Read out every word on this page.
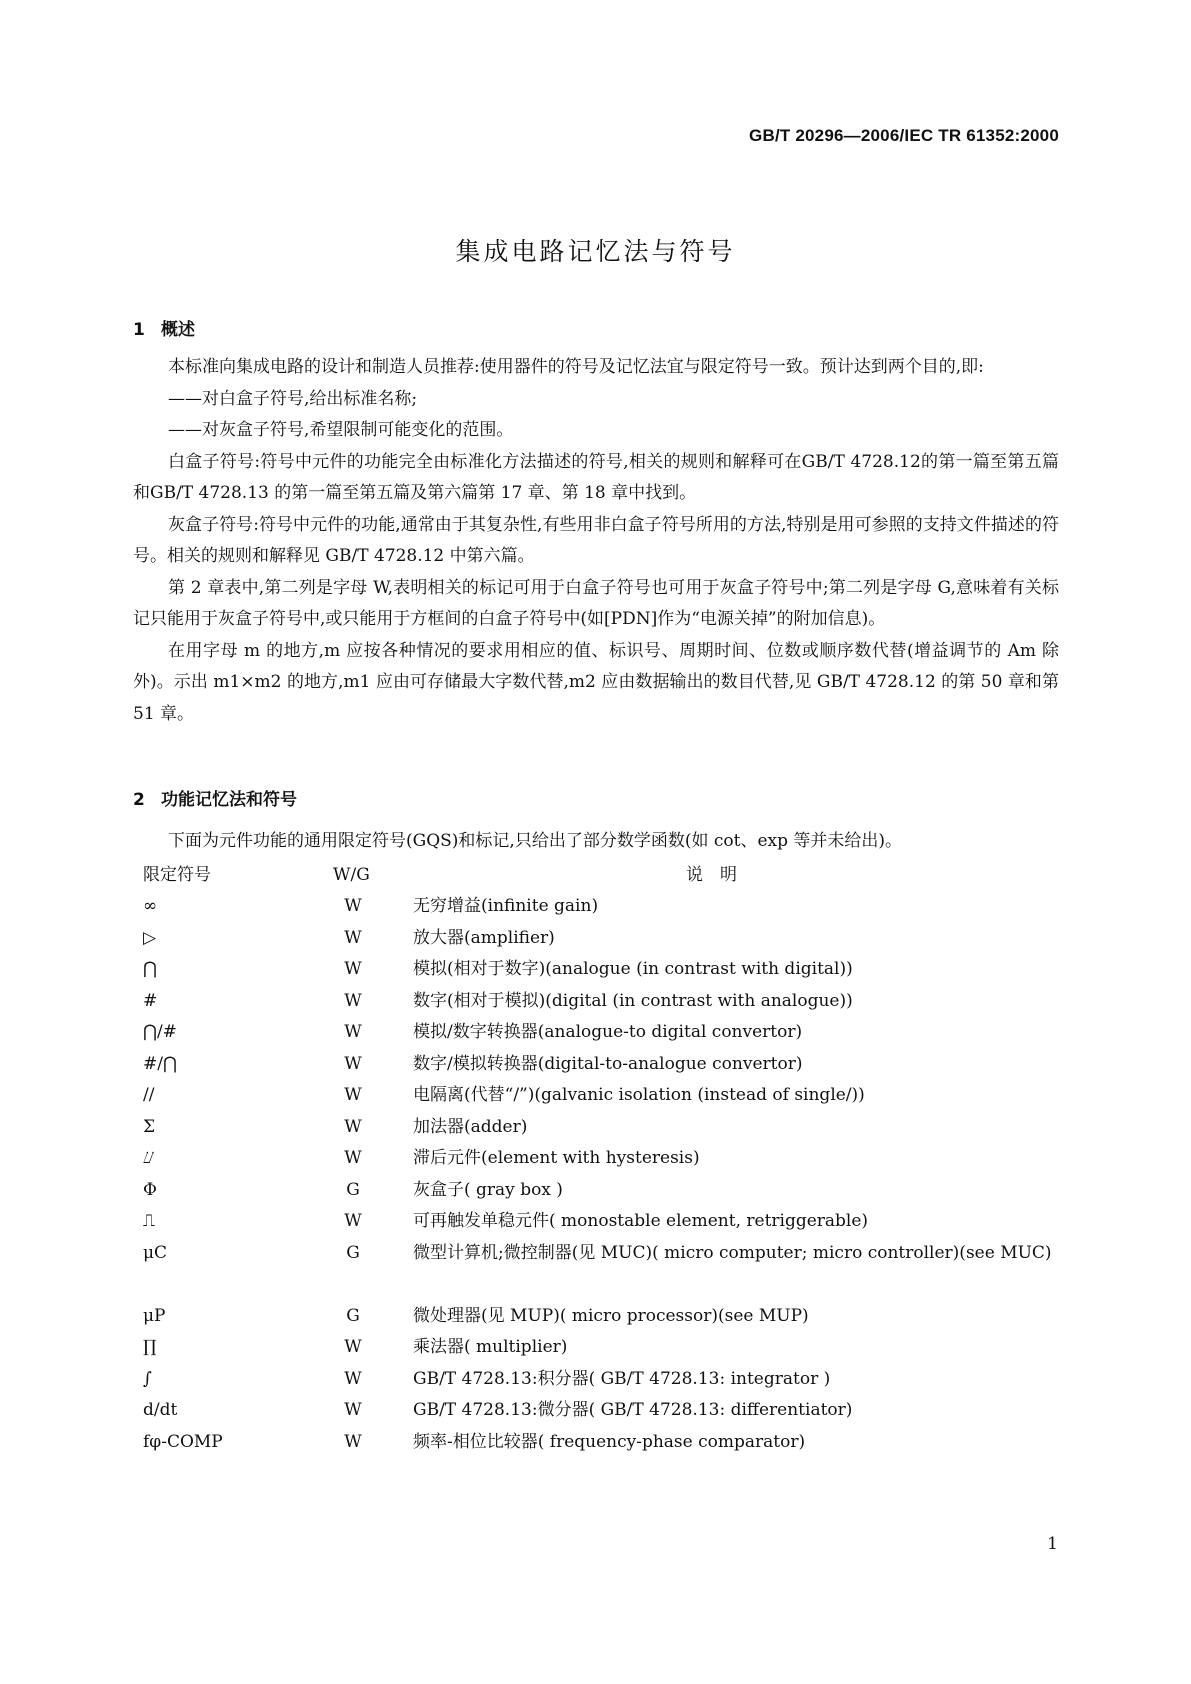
GB/T 20296—2006/IEC TR 61352:2000
集成电路记忆法与符号
1 概述

本标准向集成电路的设计和制造人员推荐:使用器件的符号及记忆法宜与限定符号一致。预计达到两个目的,即:

——对白盒子符号,给出标准名称;

——对灰盒子符号,希望限制可能变化的范围。

白盒子符号:符号中元件的功能完全由标准化方法描述的符号,相关的规则和解释可在GB/T 4728.12的第一篇至第五篇和GB/T 4728.13 的第一篇至第五篇及第六篇第 17 章、第 18 章中找到。

灰盒子符号:符号中元件的功能,通常由于其复杂性,有些用非白盒子符号所用的方法,特别是用可参照的支持文件描述的符号。相关的规则和解释见 GB/T 4728.12 中第六篇。

第 2 章表中,第二列是字母 W,表明相关的标记可用于白盒子符号也可用于灰盒子符号中;第二列是字母 G,意味着有关标记只能用于灰盒子符号中,或只能用于方框间的白盒子符号中(如[PDN]作为“电源关掉”的附加信息)。

在用字母 m 的地方,m 应按各种情况的要求用相应的值、标识号、周期时间、位数或顺序数代替(增益调节的 Am 除外)。示出 m1×m2 的地方,m1 应由可存储最大字数代替,m2 应由数据输出的数目代替,见 GB/T 4728.12 的第 50 章和第 51 章。

2 功能记忆法和符号
下面为元件功能的通用限定符号(GQS)和标记,只给出了部分数学函数(如 cot、exp 等并未给出)。
限定符号	W/G	说　明
∞	W	无穷增益(infinite gain)
▷	W	放大器(amplifier)
⋂	W	模拟(相对于数字)(analogue (in contrast with digital))
#	W	数字(相对于模拟)(digital (in contrast with analogue))
⋂/#	W	模拟/数字转换器(analogue-to digital convertor)
#/⋂	W	数字/模拟转换器(digital-to-analogue convertor)
//	W	电隔离(代替“/”)(galvanic isolation (instead of single/))
Σ	W	加法器(adder)
⌰	W	滞后元件(element with hysteresis)
Φ	G	灰盒子( gray box )
⎍	W	可再触发单稳元件( monostable element, retriggerable)
μC	G	微型计算机;微控制器(见 MUC)( micro computer; micro controller)(see MUC)
μP	G	微处理器(见 MUP)( micro processor)(see MUP)
∏	W	乘法器( multiplier)
∫	W	GB/T 4728.13:积分器( GB/T 4728.13: integrator )
d/dt	W	GB/T 4728.13:微分器( GB/T 4728.13: differentiator)
fφ-COMP	W	频率-相位比较器( frequency-phase comparator)
1
